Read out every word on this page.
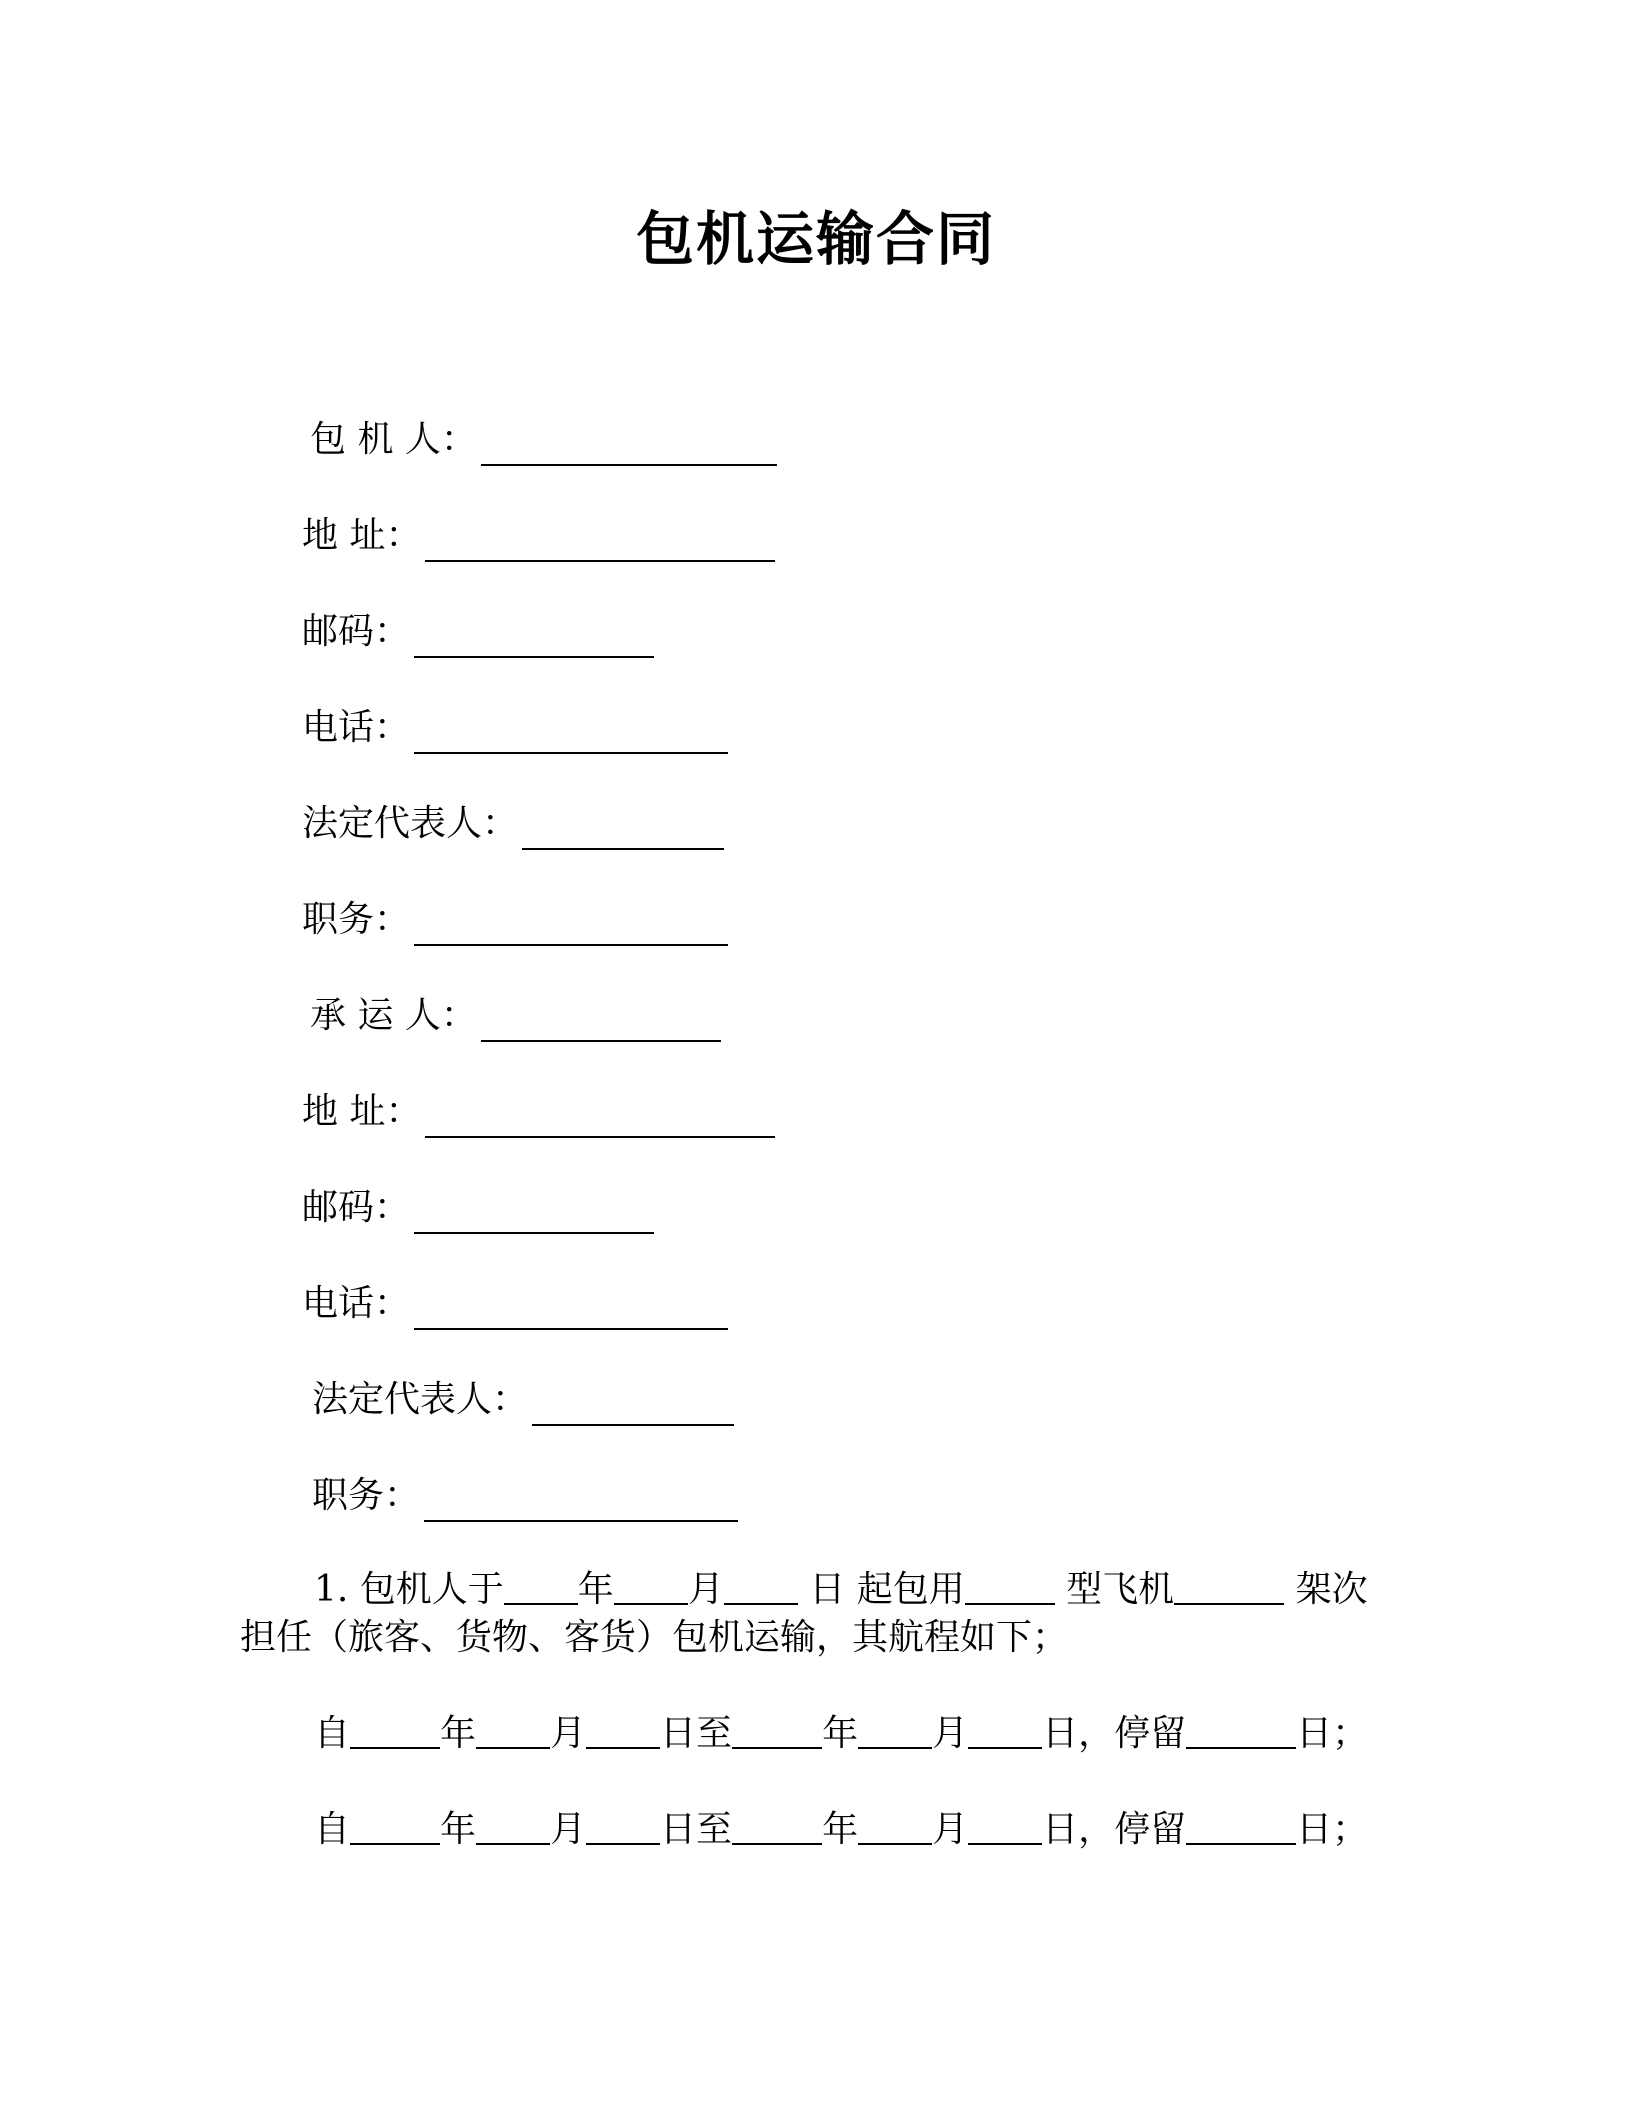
包机运输合同
包 机 人：
地 址：
邮码：
电话：
法定代表人：
职务：
承 运 人：
地 址：
邮码：
电话：
法定代表人：
职务：
1. 包机人于 年 月 日 起包用	型飞机	架次担任（旅客、货物、客货）包机运输，其航程如下；
自	年 月 日至	年 月 日，停留	日；
自	年 月 日至	年 月 日，停留	日；
